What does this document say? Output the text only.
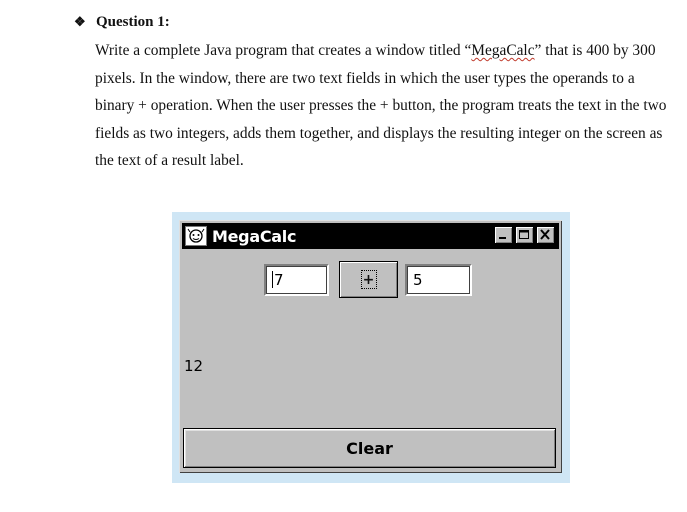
❖ Question 1:

Write a complete Java program that creates a window titled “MegaCalc” that is 400 by 300 pixels. In the window, there are two text fields in which the user types the operands to a binary + operation. When the user presses the + button, the program treats the text in the two fields as two integers, adds them together, and displays the resulting integer on the screen as the text of a result label.

MegaCalc
7	+	5
12
Clear
